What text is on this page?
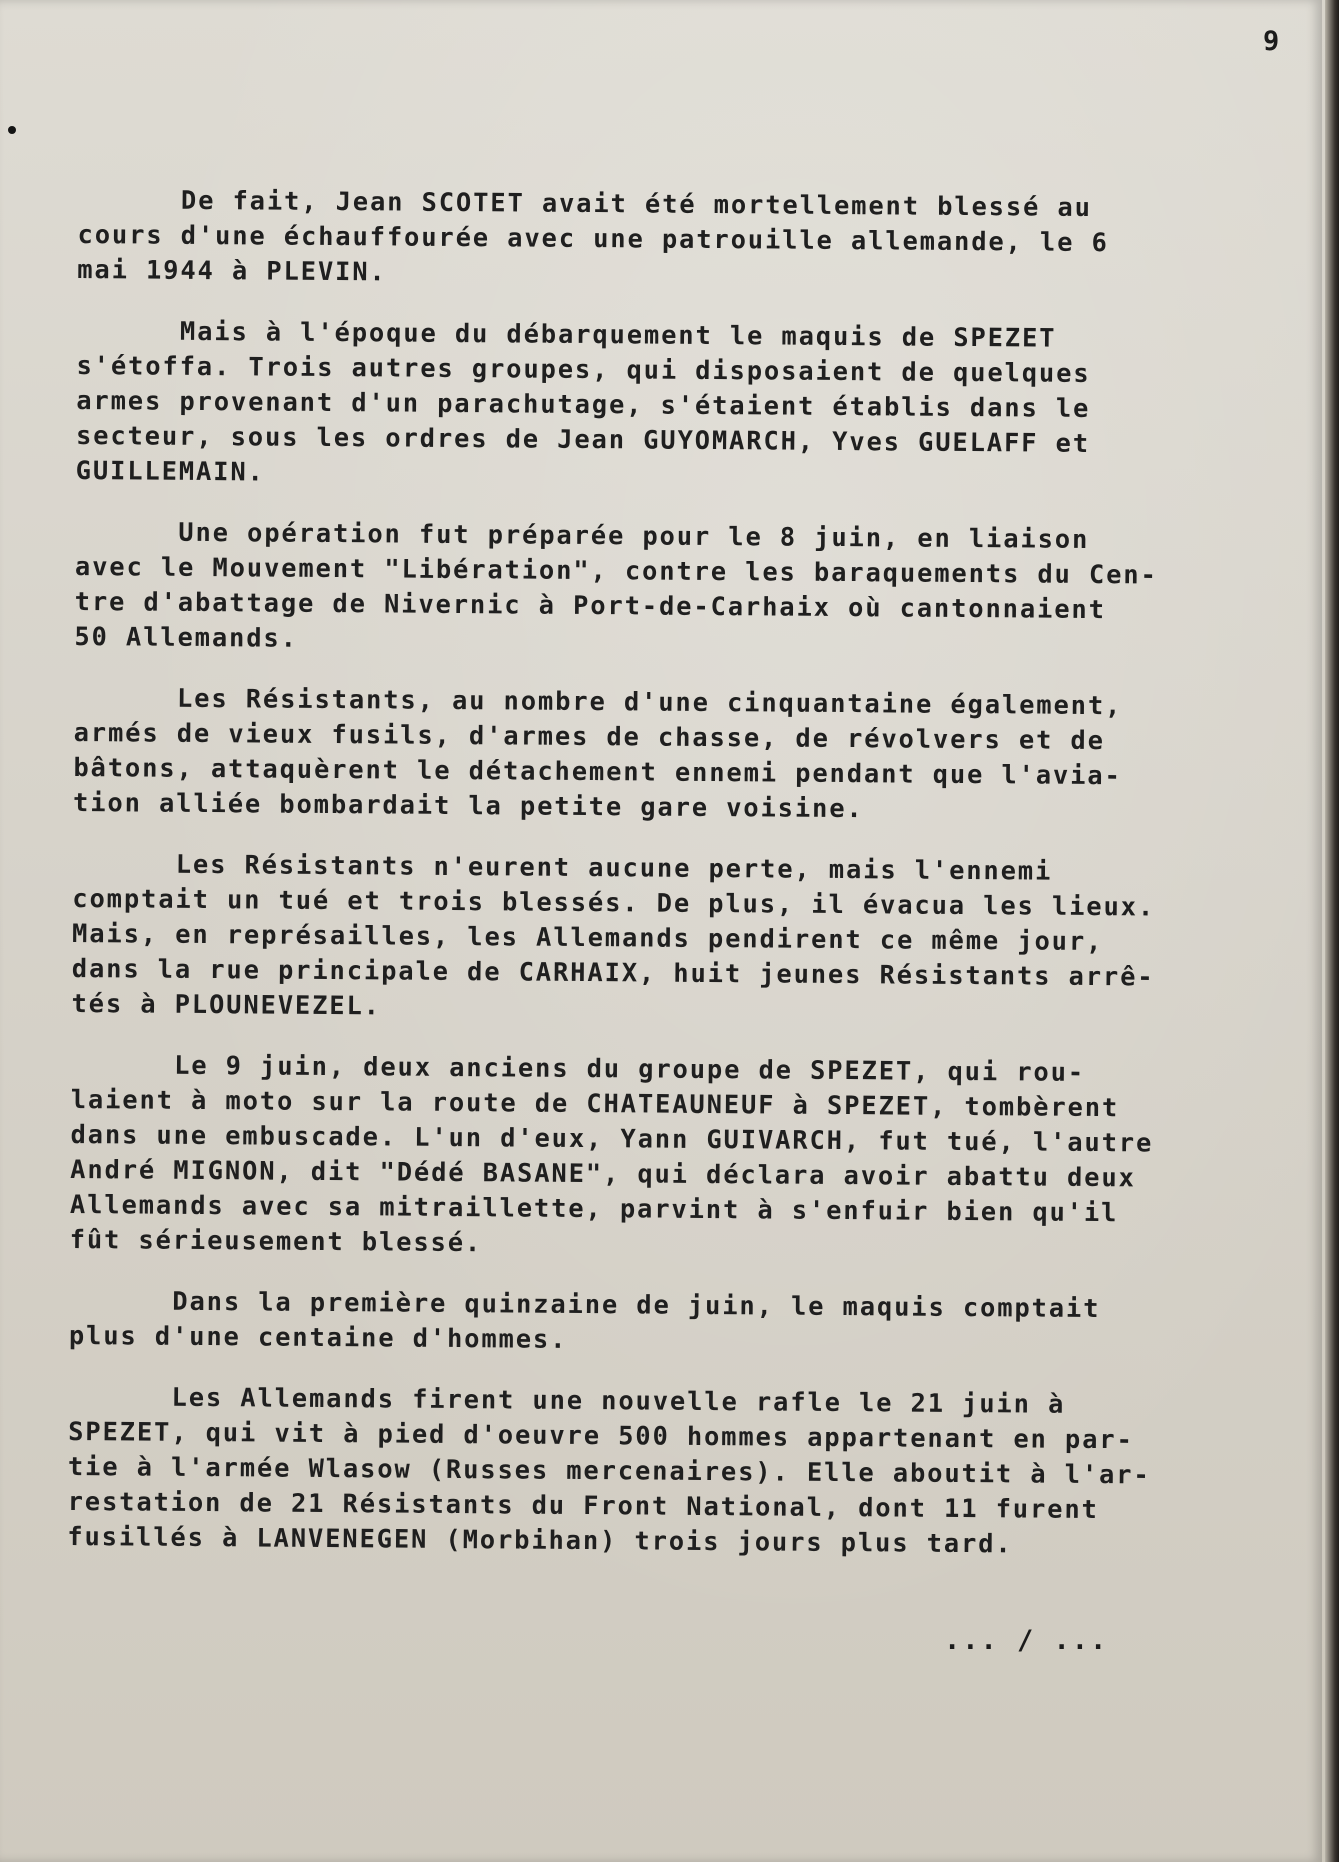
9
De fait, Jean SCOTET avait été mortellement blessé au
cours d'une échauffourée avec une patrouille allemande, le 6
mai 1944 à PLEVIN.
Mais à l'époque du débarquement le maquis de SPEZET
s'étoffa. Trois autres groupes, qui disposaient de quelques
armes provenant d'un parachutage, s'étaient établis dans le
secteur, sous les ordres de Jean GUYOMARCH, Yves GUELAFF et
GUILLEMAIN.
Une opération fut préparée pour le 8 juin, en liaison
avec le Mouvement "Libération", contre les baraquements du Cen-
tre d'abattage de Nivernic à Port-de-Carhaix où cantonnaient
50 Allemands.
Les Résistants, au nombre d'une cinquantaine également,
armés de vieux fusils, d'armes de chasse, de révolvers et de
bâtons, attaquèrent le détachement ennemi pendant que l'avia-
tion alliée bombardait la petite gare voisine.
Les Résistants n'eurent aucune perte, mais l'ennemi
comptait un tué et trois blessés. De plus, il évacua les lieux.
Mais, en représailles, les Allemands pendirent ce même jour,
dans la rue principale de CARHAIX, huit jeunes Résistants arrê-
tés à PLOUNEVEZEL.
Le 9 juin, deux anciens du groupe de SPEZET, qui rou-
laient à moto sur la route de CHATEAUNEUF à SPEZET, tombèrent
dans une embuscade. L'un d'eux, Yann GUIVARCH, fut tué, l'autre
André MIGNON, dit "Dédé BASANE", qui déclara avoir abattu deux
Allemands avec sa mitraillette, parvint à s'enfuir bien qu'il
fût sérieusement blessé.
Dans la première quinzaine de juin, le maquis comptait
plus d'une centaine d'hommes.
Les Allemands firent une nouvelle rafle le 21 juin à
SPEZET, qui vit à pied d'oeuvre 500 hommes appartenant en par-
tie à l'armée Wlasow (Russes mercenaires). Elle aboutit à l'ar-
restation de 21 Résistants du Front National, dont 11 furent
fusillés à LANVENEGEN (Morbihan) trois jours plus tard.
... / ...
